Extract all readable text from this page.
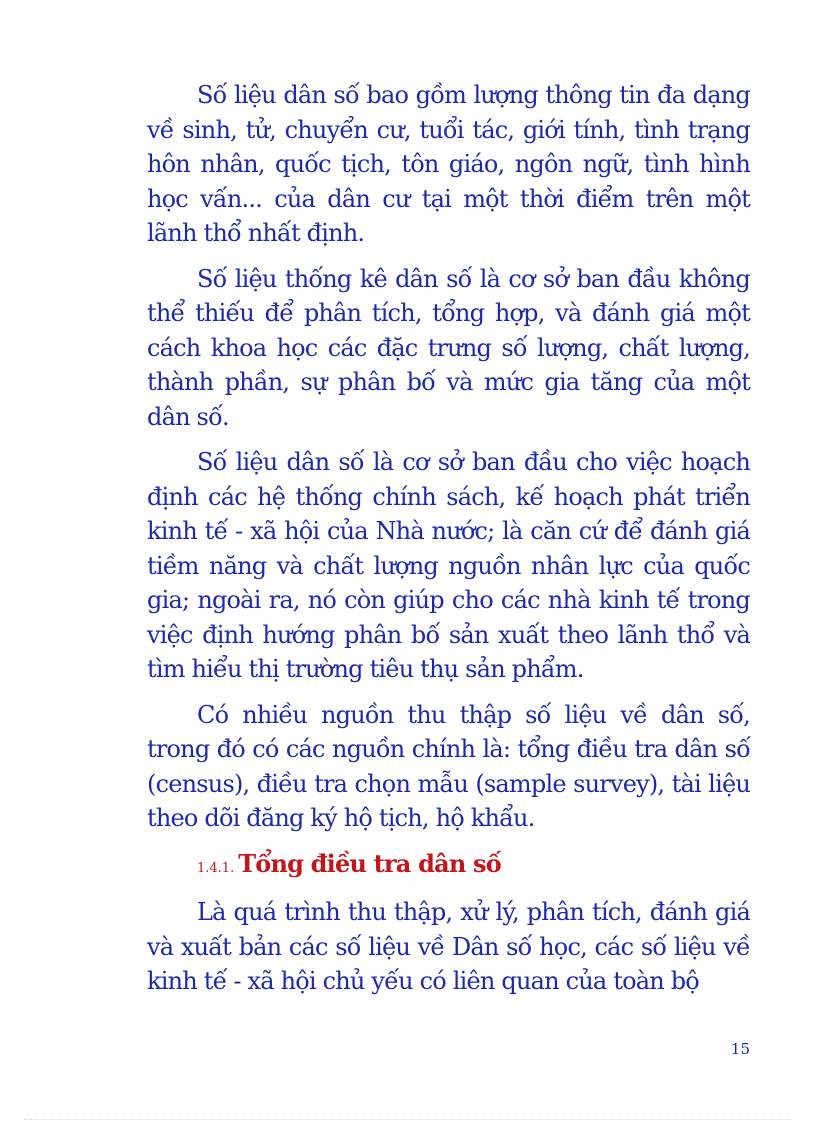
Số liệu dân số bao gồm lượng thông tin đa dạng về sinh, tử, chuyển cư, tuổi tác, giới tính, tình trạng hôn nhân, quốc tịch, tôn giáo, ngôn ngữ, tình hình học vấn... của dân cư tại một thời điểm trên một lãnh thổ nhất định.

Số liệu thống kê dân số là cơ sở ban đầu không thể thiếu để phân tích, tổng hợp, và đánh giá một cách khoa học các đặc trưng số lượng, chất lượng, thành phần, sự phân bố và mức gia tăng của một dân số.

Số liệu dân số là cơ sở ban đầu cho việc hoạch định các hệ thống chính sách, kế hoạch phát triển kinh tế - xã hội của Nhà nước; là căn cứ để đánh giá tiềm năng và chất lượng nguồn nhân lực của quốc gia; ngoài ra, nó còn giúp cho các nhà kinh tế trong việc định hướng phân bố sản xuất theo lãnh thổ và tìm hiểu thị trường tiêu thụ sản phẩm.

Có nhiều nguồn thu thập số liệu về dân số, trong đó có các nguồn chính là: tổng điều tra dân số (census), điều tra chọn mẫu (sample survey), tài liệu theo dõi đăng ký hộ tịch, hộ khẩu.

1.4.1. Tổng điều tra dân số

Là quá trình thu thập, xử lý, phân tích, đánh giá và xuất bản các số liệu về Dân số học, các số liệu về kinh tế - xã hội chủ yếu có liên quan của toàn bộ

15
